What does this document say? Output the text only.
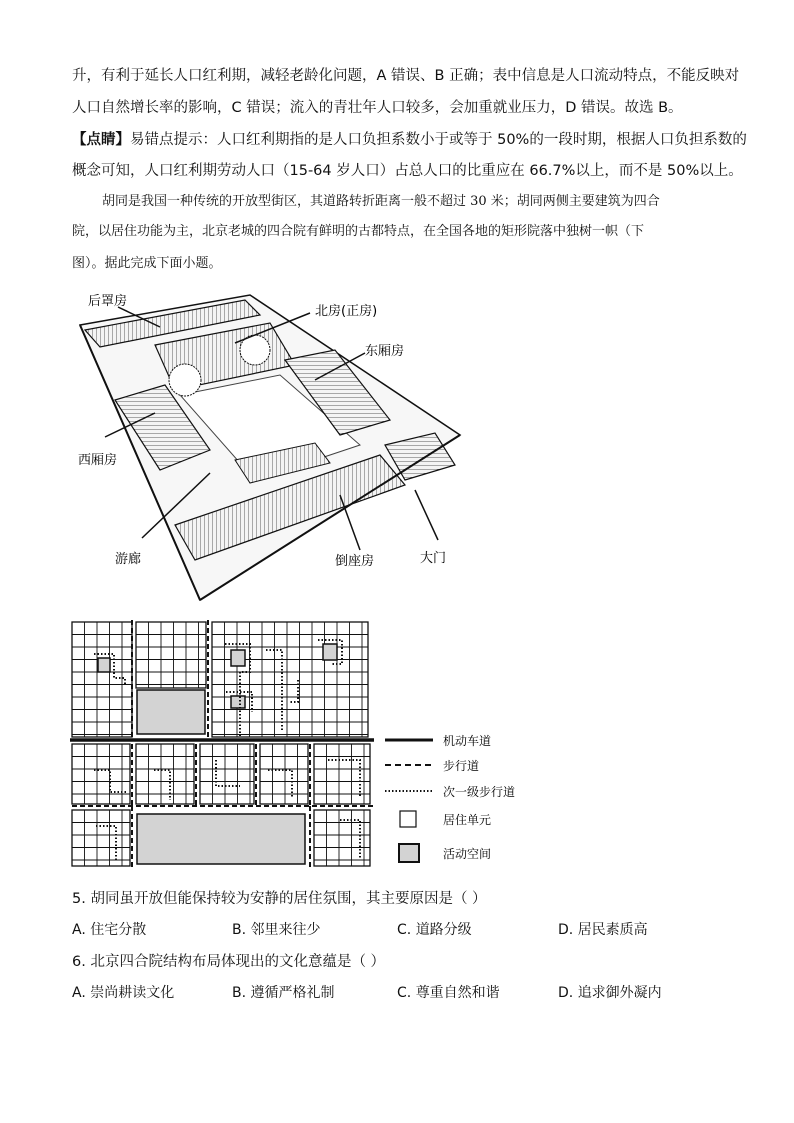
升，有利于延长人口红利期，减轻老龄化问题，A 错误、B 正确；表中信息是人口流动特点，不能反映对
人口自然增长率的影响，C 错误；流入的青壮年人口较多，会加重就业压力，D 错误。故选 B。
【点睛】易错点提示：人口红利期指的是人口负担系数小于或等于 50%的一段时期，根据人口负担系数的
概念可知，人口红利期劳动人口（15-64 岁人口）占总人口的比重应在 66.7%以上，而不是 50%以上。
胡同是我国一种传统的开放型街区，其道路转折距离一般不超过 30 米；胡同两侧主要建筑为四合
院，以居住功能为主，北京老城的四合院有鲜明的古都特点，在全国各地的矩形院落中独树一帜（下
图）。据此完成下面小题。
后罩房
北房(正房)
东厢房
西厢房
游廊	倒座房	大门
机动车道
步行道
次一级步行道
居住单元
活动空间
5. 胡同虽开放但能保持较为安静的居住氛围，其主要原因是（ ）
A. 住宅分散	B. 邻里来往少	C. 道路分级	D. 居民素质高
6. 北京四合院结构布局体现出的文化意蕴是（ ）
A. 崇尚耕读文化	B. 遵循严格礼制	C. 尊重自然和谐	D. 追求御外凝内
